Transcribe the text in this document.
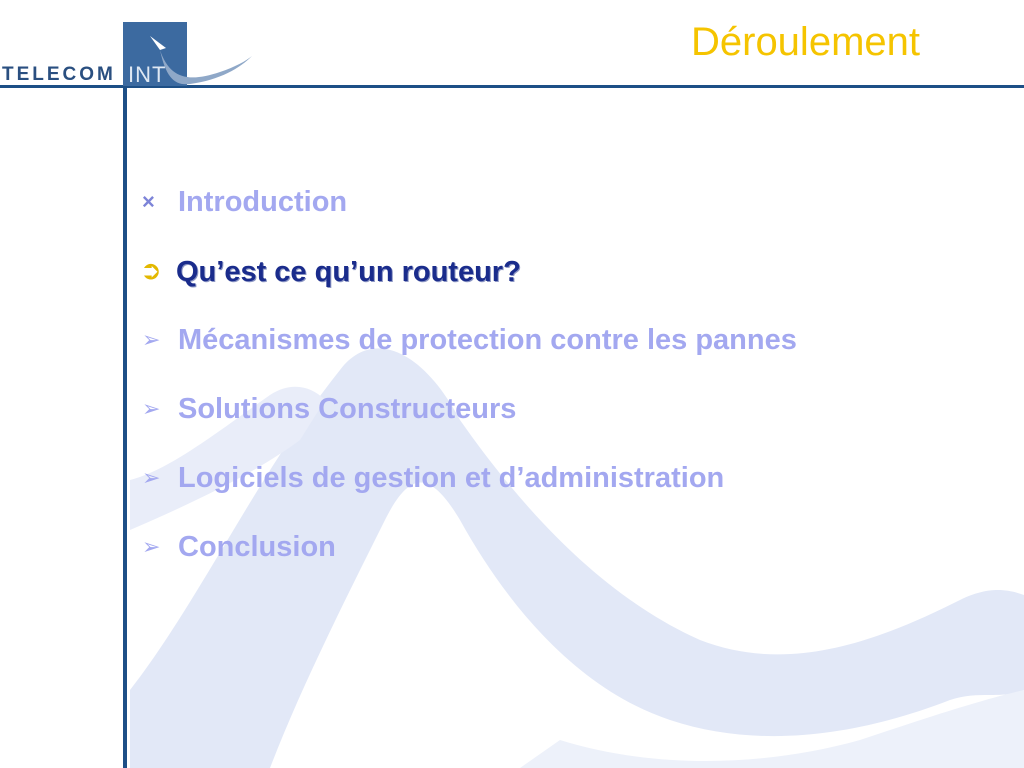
TELECOM INT
Déroulement
× Introduction
➲ Qu’est ce qu’un routeur?
➢ Mécanismes de protection contre les pannes
➢ Solutions Constructeurs
➢ Logiciels de gestion et d’administration
➢ Conclusion
